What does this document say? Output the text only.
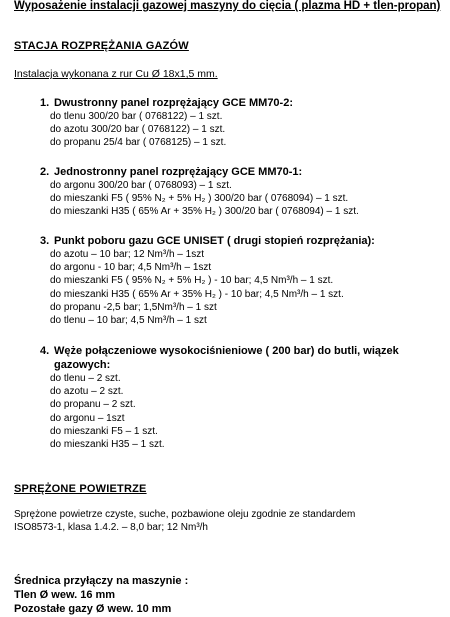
Wyposażenie instalacji gazowej maszyny do cięcia ( plazma HD + tlen-propan)
STACJA ROZPRĘŻANIA GAZÓW
Instalacja wykonana z rur Cu Ø 18x1,5 mm.
1. Dwustronny panel rozprężający GCE MM70-2:
do tlenu 300/20 bar ( 0768122) – 1 szt.
do azotu 300/20 bar ( 0768122) – 1 szt.
do propanu 25/4 bar ( 0768125) – 1 szt.
2. Jednostronny panel rozprężający GCE MM70-1:
do argonu 300/20 bar ( 0768093) – 1 szt.
do mieszanki F5 ( 95% N₂ + 5% H₂ ) 300/20 bar ( 0768094) – 1 szt.
do mieszanki H35 ( 65% Ar + 35% H₂ ) 300/20 bar ( 0768094) – 1 szt.
3. Punkt poboru gazu GCE UNISET ( drugi stopień rozprężania):
do azotu – 10 bar; 12 Nm³/h – 1szt
do argonu - 10 bar; 4,5 Nm³/h – 1szt
do mieszanki F5 ( 95% N₂ + 5% H₂ ) - 10 bar; 4,5 Nm³/h – 1 szt.
do mieszanki H35 ( 65% Ar + 35% H₂ ) - 10 bar; 4,5 Nm³/h – 1 szt.
do propanu -2,5 bar; 1,5Nm³/h – 1 szt
do tlenu – 10 bar; 4,5 Nm³/h – 1 szt
4. Węże połączeniowe wysokociśnieniowe ( 200 bar) do butli, wiązek gazowych:
do tlenu – 2 szt.
do azotu – 2 szt.
do propanu – 2 szt.
do argonu – 1szt
do mieszanki F5 – 1 szt.
do mieszanki H35 – 1 szt.
SPRĘŻONE POWIETRZE
Sprężone powietrze czyste, suche, pozbawione oleju zgodnie ze standardem
ISO8573-1, klasa 1.4.2. – 8,0 bar; 12 Nm³/h
Średnica przyłączy na maszynie :
Tlen Ø wew. 16 mm
Pozostałe gazy Ø wew. 10 mm
